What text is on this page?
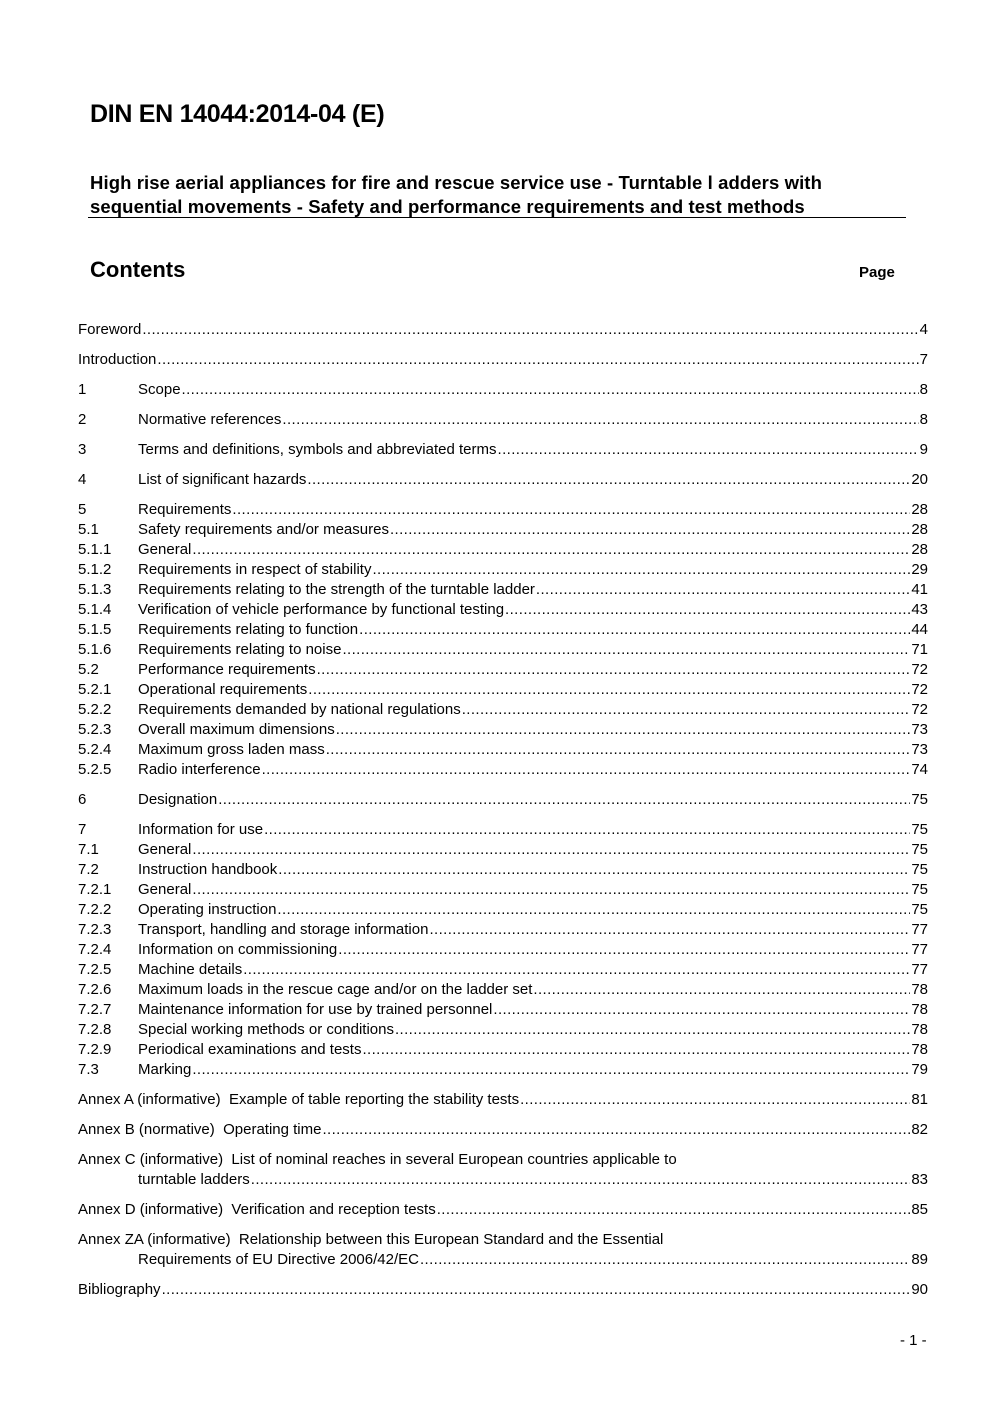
DIN EN 14044:2014-04 (E)
High rise aerial appliances for fire and rescue service use - Turntable l adders with
sequential movements - Safety and performance requirements and test methods
Contents	Page
Foreword .....	4
Introduction .....	7
1	Scope .....	8
2	Normative references .....	8
3	Terms and definitions, symbols and abbreviated terms .....	9
4	List of significant hazards .....	20
5	Requirements .....	28
5.1	Safety requirements and/or measures .....	28
5.1.1	General .....	28
5.1.2	Requirements in respect of stability .....	29
5.1.3	Requirements relating to the strength of the turntable ladder .....	41
5.1.4	Verification of vehicle performance by functional testing .....	43
5.1.5	Requirements relating to function .....	44
5.1.6	Requirements relating to noise .....	71
5.2	Performance requirements .....	72
5.2.1	Operational requirements .....	72
5.2.2	Requirements demanded by national regulations .....	72
5.2.3	Overall maximum dimensions .....	73
5.2.4	Maximum gross laden mass .....	73
5.2.5	Radio interference .....	74
6	Designation .....	75
7	Information for use .....	75
7.1	General .....	75
7.2	Instruction handbook .....	75
7.2.1	General .....	75
7.2.2	Operating instruction .....	75
7.2.3	Transport, handling and storage information .....	77
7.2.4	Information on commissioning .....	77
7.2.5	Machine details .....	77
7.2.6	Maximum loads in the rescue cage and/or on the ladder set .....	78
7.2.7	Maintenance information for use by trained personnel .....	78
7.2.8	Special working methods or conditions .....	78
7.2.9	Periodical examinations and tests .....	78
7.3	Marking .....	79
Annex A (informative) Example of table reporting the stability tests .....	81
Annex B (normative) Operating time .....	82
Annex C (informative) List of nominal reaches in several European countries applicable to
turntable ladders .....	83
Annex D (informative) Verification and reception tests .....	85
Annex ZA (informative) Relationship between this European Standard and the Essential
Requirements of EU Directive 2006/42/EC .....	89
Bibliography .....	90
- 1 -
